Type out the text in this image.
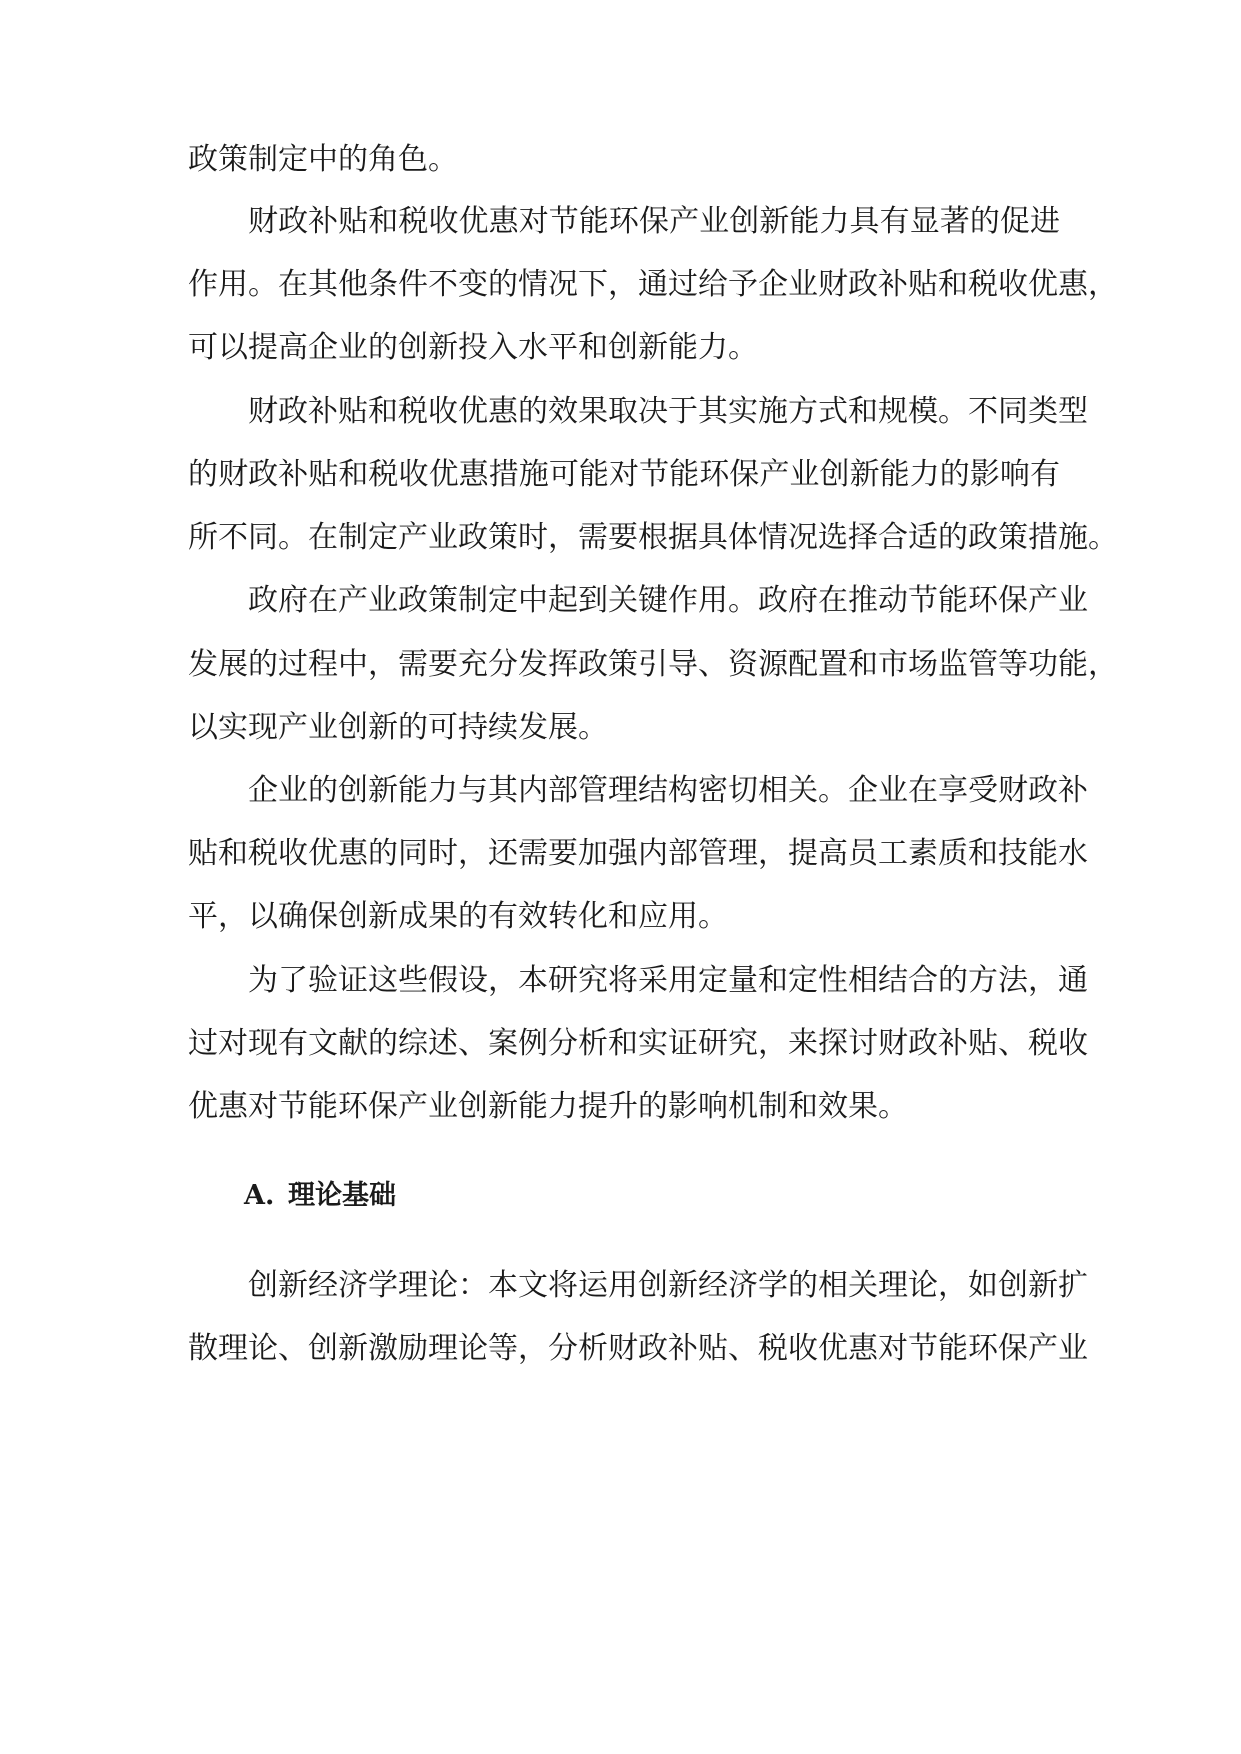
政策制定中的角色。
财政补贴和税收优惠对节能环保产业创新能力具有显著的促进
作用。在其他条件不变的情况下，通过给予企业财政补贴和税收优惠，
可以提高企业的创新投入水平和创新能力。
财政补贴和税收优惠的效果取决于其实施方式和规模。不同类型
的财政补贴和税收优惠措施可能对节能环保产业创新能力的影响有
所不同。在制定产业政策时，需要根据具体情况选择合适的政策措施。
政府在产业政策制定中起到关键作用。政府在推动节能环保产业
发展的过程中，需要充分发挥政策引导、资源配置和市场监管等功能，
以实现产业创新的可持续发展。
企业的创新能力与其内部管理结构密切相关。企业在享受财政补
贴和税收优惠的同时，还需要加强内部管理，提高员工素质和技能水
平，以确保创新成果的有效转化和应用。
为了验证这些假设，本研究将采用定量和定性相结合的方法，通
过对现有文献的综述、案例分析和实证研究，来探讨财政补贴、税收
优惠对节能环保产业创新能力提升的影响机制和效果。
A. 理论基础
创新经济学理论：本文将运用创新经济学的相关理论，如创新扩
散理论、创新激励理论等，分析财政补贴、税收优惠对节能环保产业
